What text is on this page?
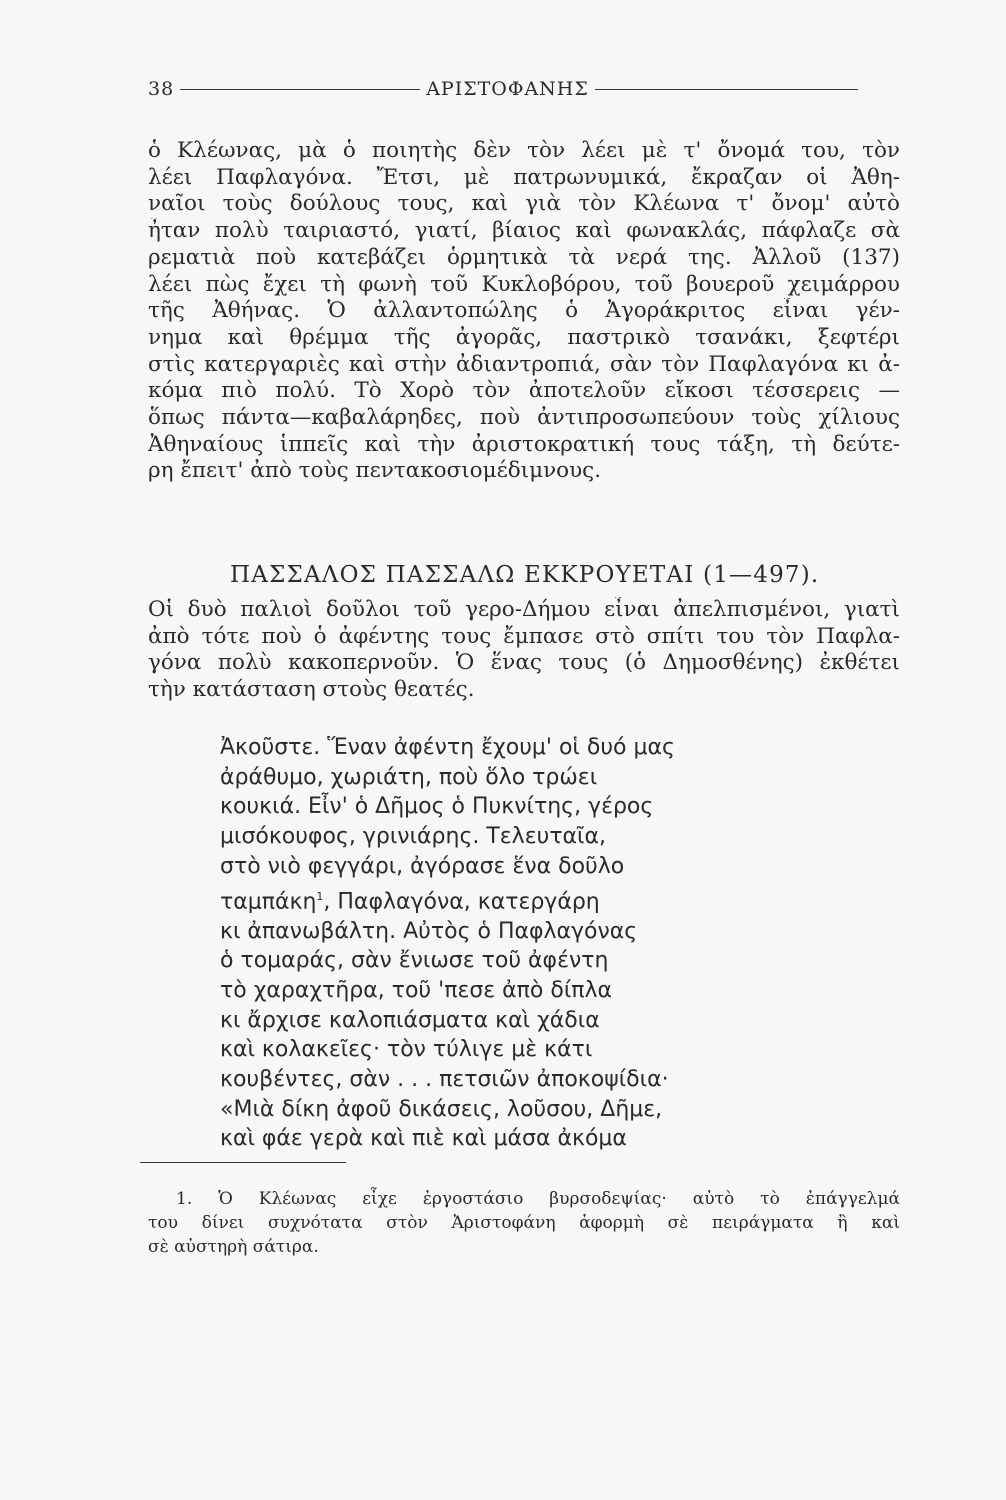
38	ΑΡΙΣΤΟΦΑΝΗΣ
ὁ Κλέωνας, μὰ ὁ ποιητὴς δὲν τὸν λέει μὲ τ' ὄνομά του, τὸν
λέει Παφλαγόνα. Ἔτσι, μὲ πατρωνυμικά, ἔκραζαν οἱ Ἀθη-
ναῖοι τοὺς δούλους τους, καὶ γιὰ τὸν Κλέωνα τ' ὄνομ' αὐτὸ
ἦταν πολὺ ταιριαστό, γιατί, βίαιος καὶ φωνακλάς, πάφλαζε σὰ
ρεματιὰ ποὺ κατεβάζει ὁρμητικὰ τὰ νερά της. Ἀλλοῦ (137)
λέει πὼς ἔχει τὴ φωνὴ τοῦ Κυκλοβόρου, τοῦ βουεροῦ χειμάρρου
τῆς Ἀθήνας. Ὁ ἀλλαντοπώλης ὁ Ἀγοράκριτος εἶναι γέν-
νημα καὶ θρέμμα τῆς ἀγορᾶς, παστρικὸ τσανάκι, ξεφτέρι
στὶς κατεργαριὲς καὶ στὴν ἀδιαντροπιά, σὰν τὸν Παφλαγόνα κι ἀ-
κόμα πιὸ πολύ. Τὸ Χορὸ τὸν ἀποτελοῦν εἴκοσι τέσσερεις —
ὅπως πάντα—καβαλάρηδες, ποὺ ἀντιπροσωπεύουν τοὺς χίλιους
Ἀθηναίους ἱππεῖς καὶ τὴν ἀριστοκρατική τους τάξη, τὴ δεύτε-
ρη ἔπειτ' ἀπὸ τοὺς πεντακοσιομέδιμνους.
ΠΑΣΣΑΛΟΣ ΠΑΣΣΑΛΩ ΕΚΚΡΟΥΕΤΑΙ (1—497).
Οἱ δυὸ παλιοὶ δοῦλοι τοῦ γερο-Δήμου εἶναι ἀπελπισμένοι, γιατὶ
ἀπὸ τότε ποὺ ὁ ἀφέντης τους ἔμπασε στὸ σπίτι του τὸν Παφλα-
γόνα πολὺ κακοπερνοῦν. Ὁ ἕνας τους (ὁ Δημοσθένης) ἐκθέτει
τὴν κατάσταση στοὺς θεατές.
Ἀκοῦστε. Ἕναν ἀφέντη ἔχουμ' οἱ δυό μας
ἀράθυμο, χωριάτη, ποὺ ὅλο τρώει
κουκιά. Εἶν' ὁ Δῆμος ὁ Πυκνίτης, γέρος
μισόκουφος, γρινιάρης. Τελευταῖα,
στὸ νιὸ φεγγάρι, ἀγόρασε ἕνα δοῦλο
ταμπάκη$^1$, Παφλαγόνα, κατεργάρη
κι ἀπανωβάλτη. Αὐτὸς ὁ Παφλαγόνας
ὁ τομαράς, σὰν ἔνιωσε τοῦ ἀφέντη
τὸ χαραχτῆρα, τοῦ 'πεσε ἀπὸ δίπλα
κι ἄρχισε καλοπιάσματα καὶ χάδια
καὶ κολακεῖες· τὸν τύλιγε μὲ κάτι
κουβέντες, σὰν . . . πετσιῶν ἀποκοψίδια·
«Μιὰ δίκη ἀφοῦ δικάσεις, λοῦσου, Δῆμε,
καὶ φάε γερὰ καὶ πιὲ καὶ μάσα ἀκόμα
1. Ὁ Κλέωνας εἶχε ἐργοστάσιο βυρσοδεψίας· αὐτὸ τὸ ἐπάγγελμά
του δίνει συχνότατα στὸν Ἀριστοφάνη ἀφορμὴ σὲ πειράγματα ἢ καὶ
σὲ αὐστηρὴ σάτιρα.
